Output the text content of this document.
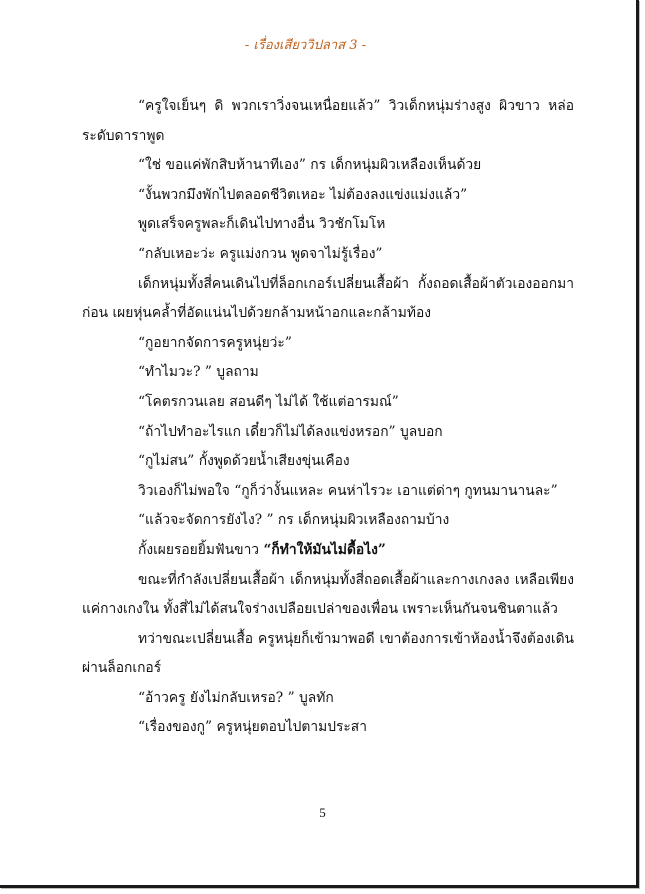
- เรื่องเสียววิปลาส 3 -

“ครูใจเย็นๆ ดิ พวกเราวิ่งจนเหนื่อยแล้ว” วิวเด็กหนุ่มร่างสูง ผิวขาว หล่อระดับดาราพูด

“ใช่ ขอแค่พักสิบห้านาทีเอง” กร เด็กหนุ่มผิวเหลืองเห็นด้วย

“งั้นพวกมึงพักไปตลอดชีวิตเหอะ ไม่ต้องลงแข่งแม่งแล้ว”

พูดเสร็จครูพละก็เดินไปทางอื่น วิวชักโมโห

“กลับเหอะว่ะ ครูแม่งกวน พูดจาไม่รู้เรื่อง”

เด็กหนุ่มทั้งสี่คนเดินไปที่ล็อกเกอร์เปลี่ยนเสื้อผ้า กั้งถอดเสื้อผ้าตัวเองออกมาก่อน เผยหุ่นคล้ำที่อัดแน่นไปด้วยกล้ามหน้าอกและกล้ามท้อง

“กูอยากจัดการครูหนุ่ยว่ะ”

“ทำไมวะ? ” บูลถาม

“โคตรกวนเลย สอนดีๆ ไม่ได้ ใช้แต่อารมณ์”

“ถ้าไปทำอะไรแก เดี๋ยวก็ไม่ได้ลงแข่งหรอก” บูลบอก

“กูไม่สน” กั้งพูดด้วยน้ำเสียงขุ่นเคือง

วิวเองก็ไม่พอใจ “กูก็ว่างั้นแหละ คนห่าไรวะ เอาแต่ด่าๆ กูทนมานานละ”

“แล้วจะจัดการยังไง? ” กร เด็กหนุ่มผิวเหลืองถามบ้าง

กั้งเผยรอยยิ้มฟันขาว “ก็ทำให้มันไม่ดื้อไง”

ขณะที่กำลังเปลี่ยนเสื้อผ้า เด็กหนุ่มทั้งสี่ถอดเสื้อผ้าและกางเกงลง เหลือเพียงแค่กางเกงใน ทั้งสี่ไม่ได้สนใจร่างเปลือยเปล่าของเพื่อน เพราะเห็นกันจนชินตาแล้ว

ทว่าขณะเปลี่ยนเสื้อ ครูหนุ่ยก็เข้ามาพอดี เขาต้องการเข้าห้องน้ำจึงต้องเดินผ่านล็อกเกอร์

“อ้าวครู ยังไม่กลับเหรอ? ” บูลทัก

“เรื่องของกู” ครูหนุ่ยตอบไปตามประสา

5
